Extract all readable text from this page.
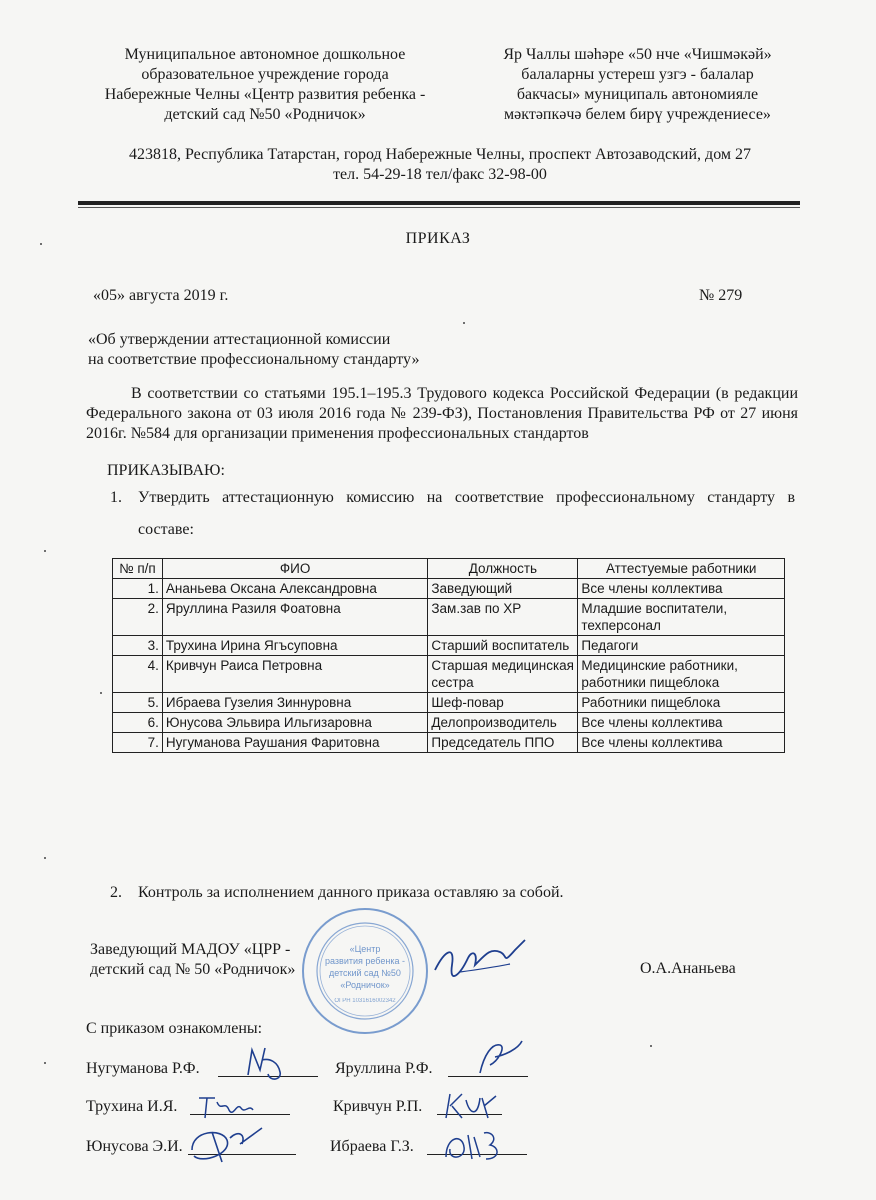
Муниципальное автономное дошкольное
образовательное учреждение города
Набережные Челны «Центр развития ребенка -
детский сад №50 «Родничок»
Яр Чаллы шәһәре «50 нче «Чишмәкәй»
балаларны устереш узгэ - балалар
бакчасы» муниципаль автономияле
мәктәпкәчә белем бирү учреждениесе»
423818, Республика Татарстан, город Набережные Челны, проспект Автозаводский, дом 27
тел. 54-29-18 тел/факс 32-98-00
ПРИКАЗ
«05» августа 2019 г.	№ 279
«Об утверждении аттестационной комиссии
на соответствие профессиональному стандарту»
В соответствии со статьями 195.1–195.3 Трудового кодекса Российской Федерации (в редакции Федерального закона от 03 июля 2016 года № 239-ФЗ), Постановления Правительства РФ от 27 июня 2016г. №584 для организации применения профессиональных стандартов
ПРИКАЗЫВАЮ:
1.	Утвердить аттестационную комиссию на соответствие профессиональному стандарту в составе:
№ п/п	ФИО	Должность	Аттестуемые работники
1.	Ананьева Оксана Александровна	Заведующий	Все члены коллектива
2.	Яруллина Разиля Фоатовна	Зам.зав по ХР	Младшие воспитатели, техперсонал
3.	Трухина Ирина Ягъсуповна	Старший воспитатель	Педагоги
4.	Кривчун Раиса Петровна	Старшая медицинская сестра	Медицинские работники, работники пищеблока
5.	Ибраева Гузелия Зиннуровна	Шеф-повар	Работники пищеблока
6.	Юнусова Эльвира Ильгизаровна	Делопроизводитель	Все члены коллектива
7.	Нугуманова Раушания Фаритовна	Председатель ППО	Все члены коллектива
2. Контроль за исполнением данного приказа оставляю за собой.
«Центр
развития ребенка -
детский сад №50
«Родничок»
ОГРН 1031616002342
Заведующий МАДОУ «ЦРР -
детский сад № 50 «Родничок»	О.А.Ананьева
С приказом ознакомлены:
Нугуманова Р.Ф.	Яруллина Р.Ф.
Трухина И.Я.	Кривчун Р.П.
Юнусова Э.И.	Ибраева Г.З.
